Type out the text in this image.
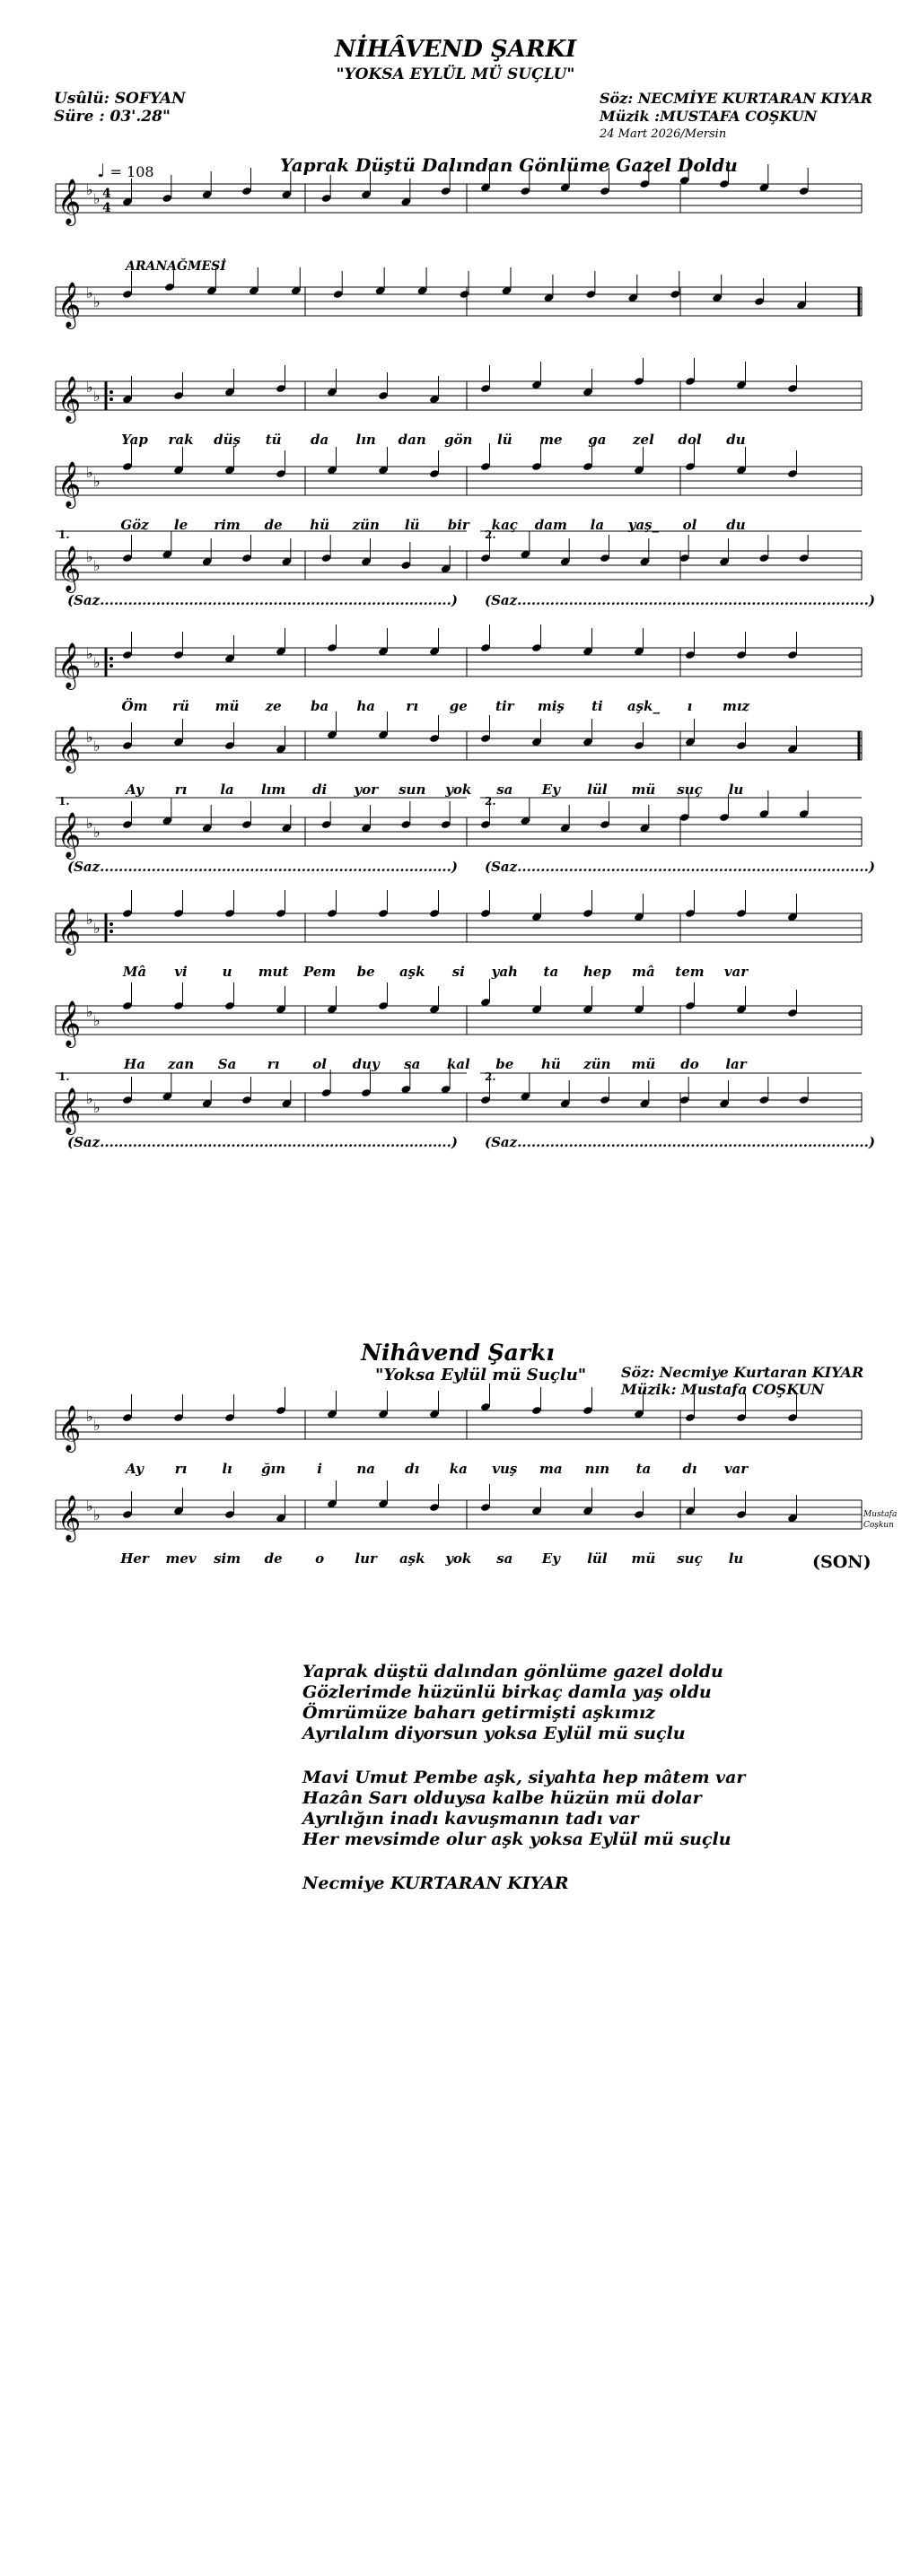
NİHÂVEND ŞARKI
"YOKSA EYLÜL MÜ SUÇLU"
Usûlü: SOFYAN
Süre : 03'.28"
Söz: NECMİYE KURTARAN KIYAR
Müzik :MUSTAFA COŞKUN
24 Mart 2026/Mersin
♩ = 108	Yaprak Düştü Dalından Gönlüme Gazel Doldu
𝄞 ♭
♭ 4
4
𝄞 ♭
♭
𝄞 ♭
♭
Yap rak düş tü da lın dan gön lü me ga zel dol du
𝄞 ♭
♭
Göz le rim de hü zün lü bir kaç dam la yaş_ ol du
𝄞 ♭
♭
𝄞 ♭
♭
Öm rü mü ze ba ha rı ge tir miş ti aşk_ ı mız
𝄞 ♭
♭
Ay rı la lım di yor sun yok sa Ey lül mü suç lu
𝄞 ♭
♭
𝄞 ♭
♭
Mâ vi	u mut Pem be aşk si yah ta hep mâ tem var
𝄞 ♭
♭
Ha zan Sa rı ol duy sa kal be hü zün mü do lar
𝄞 ♭
♭
𝄞 ♭
♭
Ay rı	lı ğın i	na dı ka vuş ma nın ta dı var
𝄞 ♭
♭
Her mev sim de o lur aşk yok sa Ey lül mü suç lu
ARANAĞMESİ
1.	2.
(Saz...........................................................................) (Saz...........................................................................)
1.	2.
(Saz...........................................................................) (Saz...........................................................................)
1.	2.
(Saz...........................................................................) (Saz...........................................................................)
(SON)
Mustafa
Coşkun
Nihâvend Şarkı
"Yoksa Eylül mü Suçlu" Söz: Necmiye Kurtaran KIYAR
Müzik: Mustafa COŞKUN
Yaprak düştü dalından gönlüme gazel doldu
Gözlerimde hüzünlü birkaç damla yaş oldu
Ömrümüze baharı getirmişti aşkımız
Ayrılalım diyorsun yoksa Eylül mü suçlu
Mavi Umut Pembe aşk, siyahta hep mâtem var
Hazân Sarı olduysa kalbe hüzün mü dolar
Ayrılığın inadı kavuşmanın tadı var
Her mevsimde olur aşk yoksa Eylül mü suçlu
Necmiye KURTARAN KIYAR
